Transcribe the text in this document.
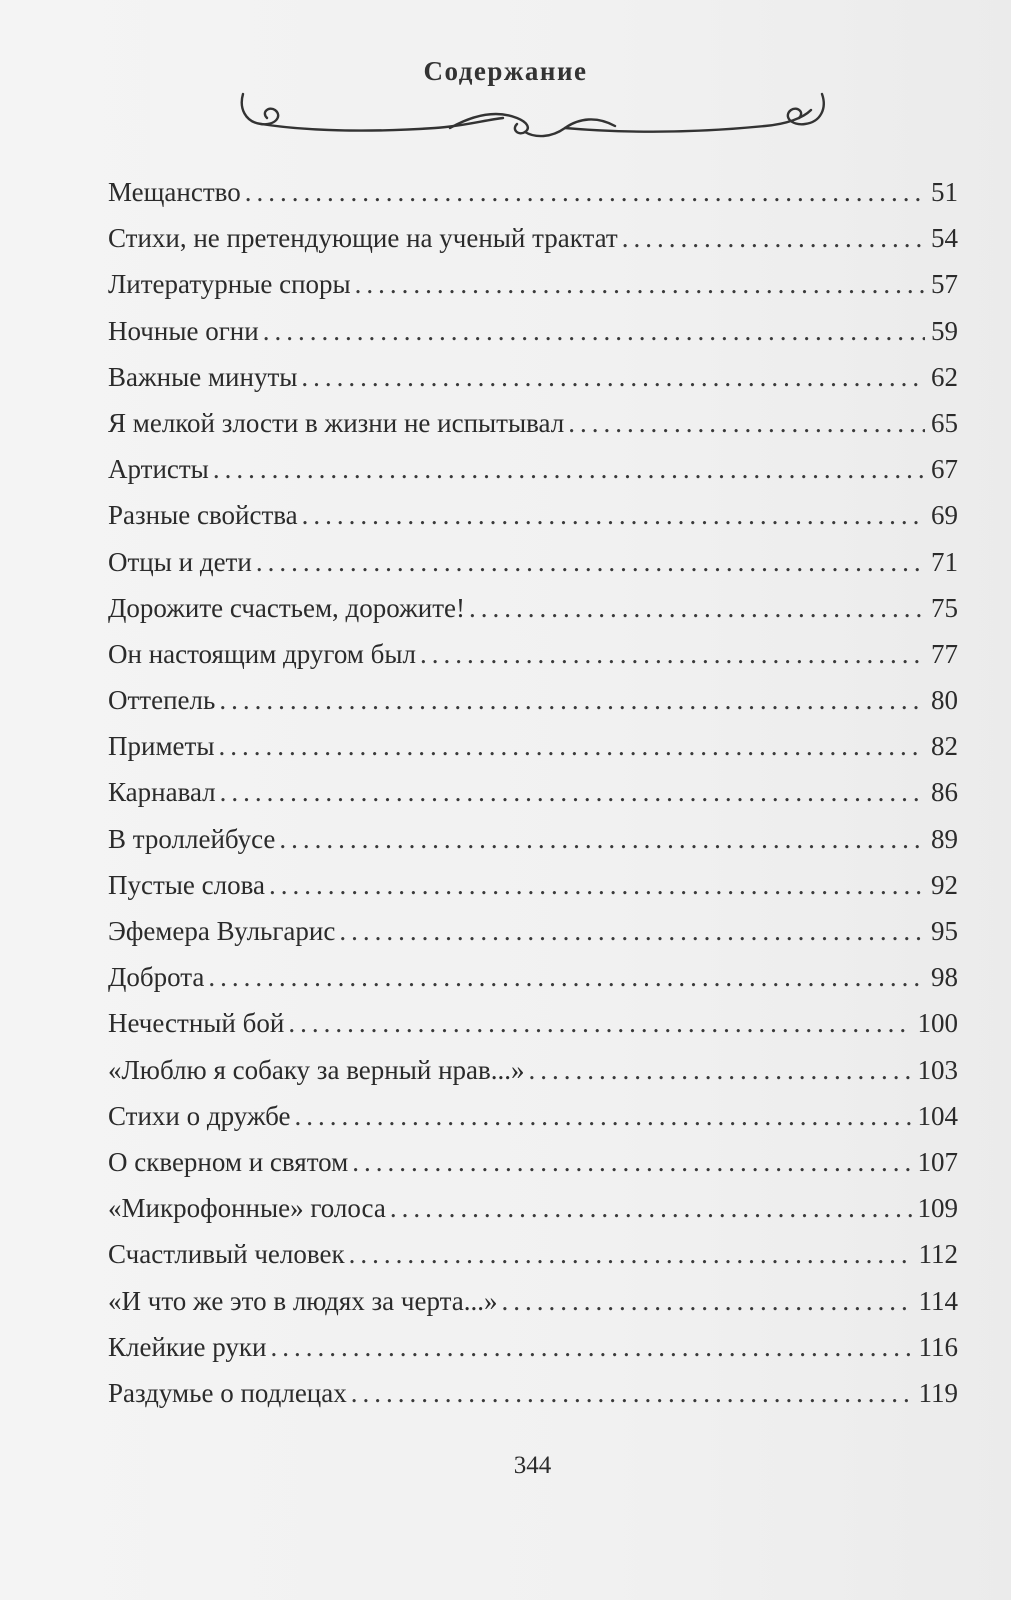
Содержание
Мещанство .....	51
Стихи, не претендующие на ученый трактат .....	54
Литературные споры .....	57
Ночные огни .....	59
Важные минуты .....	62
Я мелкой злости в жизни не испытывал .....	65
Артисты .....	67
Разные свойства .....	69
Отцы и дети .....	71
Дорожите счастьем, дорожите! .....	75
Он настоящим другом был .....	77
Оттепель .....	80
Приметы .....	82
Карнавал .....	86
В троллейбусе .....	89
Пустые слова .....	92
Эфемера Вульгарис .....	95
Доброта .....	98
Нечестный бой .....	100
«Люблю я собаку за верный нрав...» .....	103
Стихи о дружбе .....	104
О скверном и святом .....	107
«Микрофонные» голоса .....	109
Счастливый человек .....	112
«И что же это в людях за черта...» .....	114
Клейкие руки .....	116
Раздумье о подлецах .....	119
344
